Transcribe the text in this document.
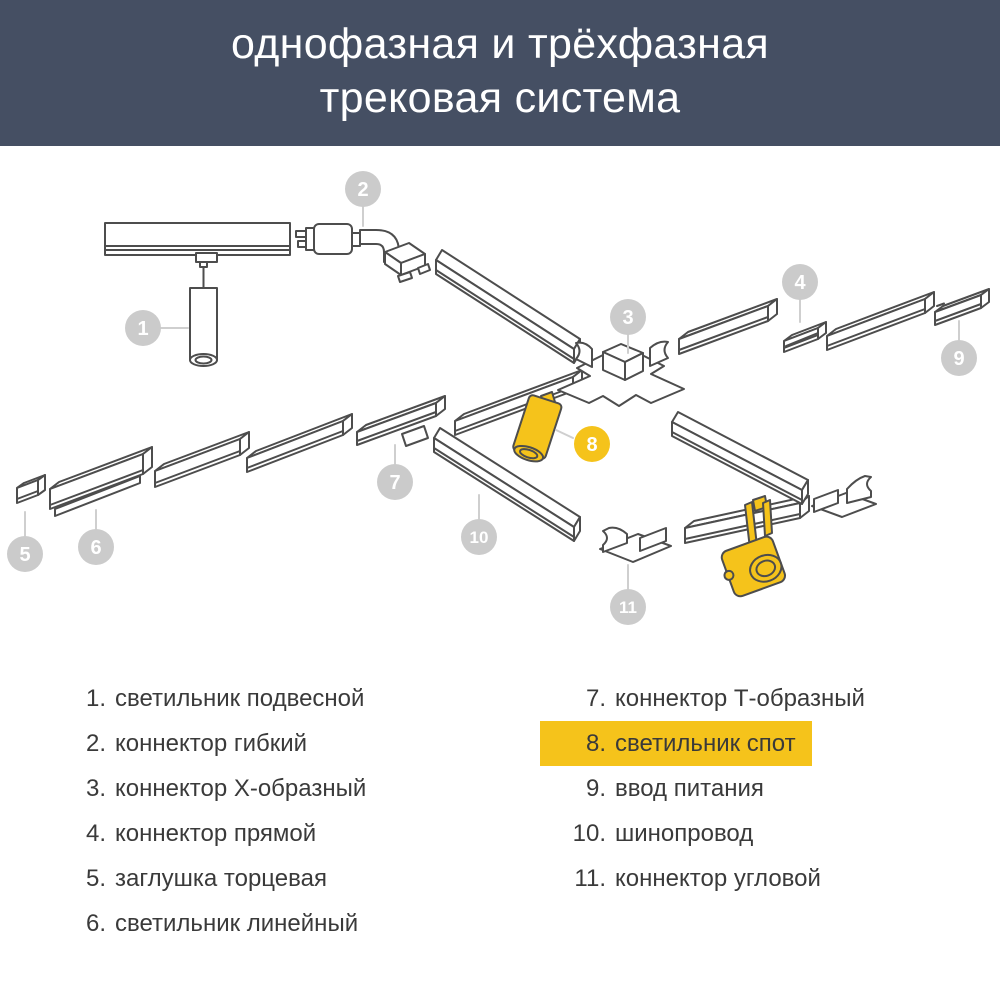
однофазная и трёхфазная
трековая система
1
2
3
4
5	6
7
8
9
10
11
1. светильник подвесной
2. коннектор гибкий
3. коннектор Х-образный
4. коннектор прямой
5. заглушка торцевая
6. светильник линейный
7. коннектор Т-образный
8. светильник спот
9. ввод питания
10. шинопровод
11. коннектор угловой
